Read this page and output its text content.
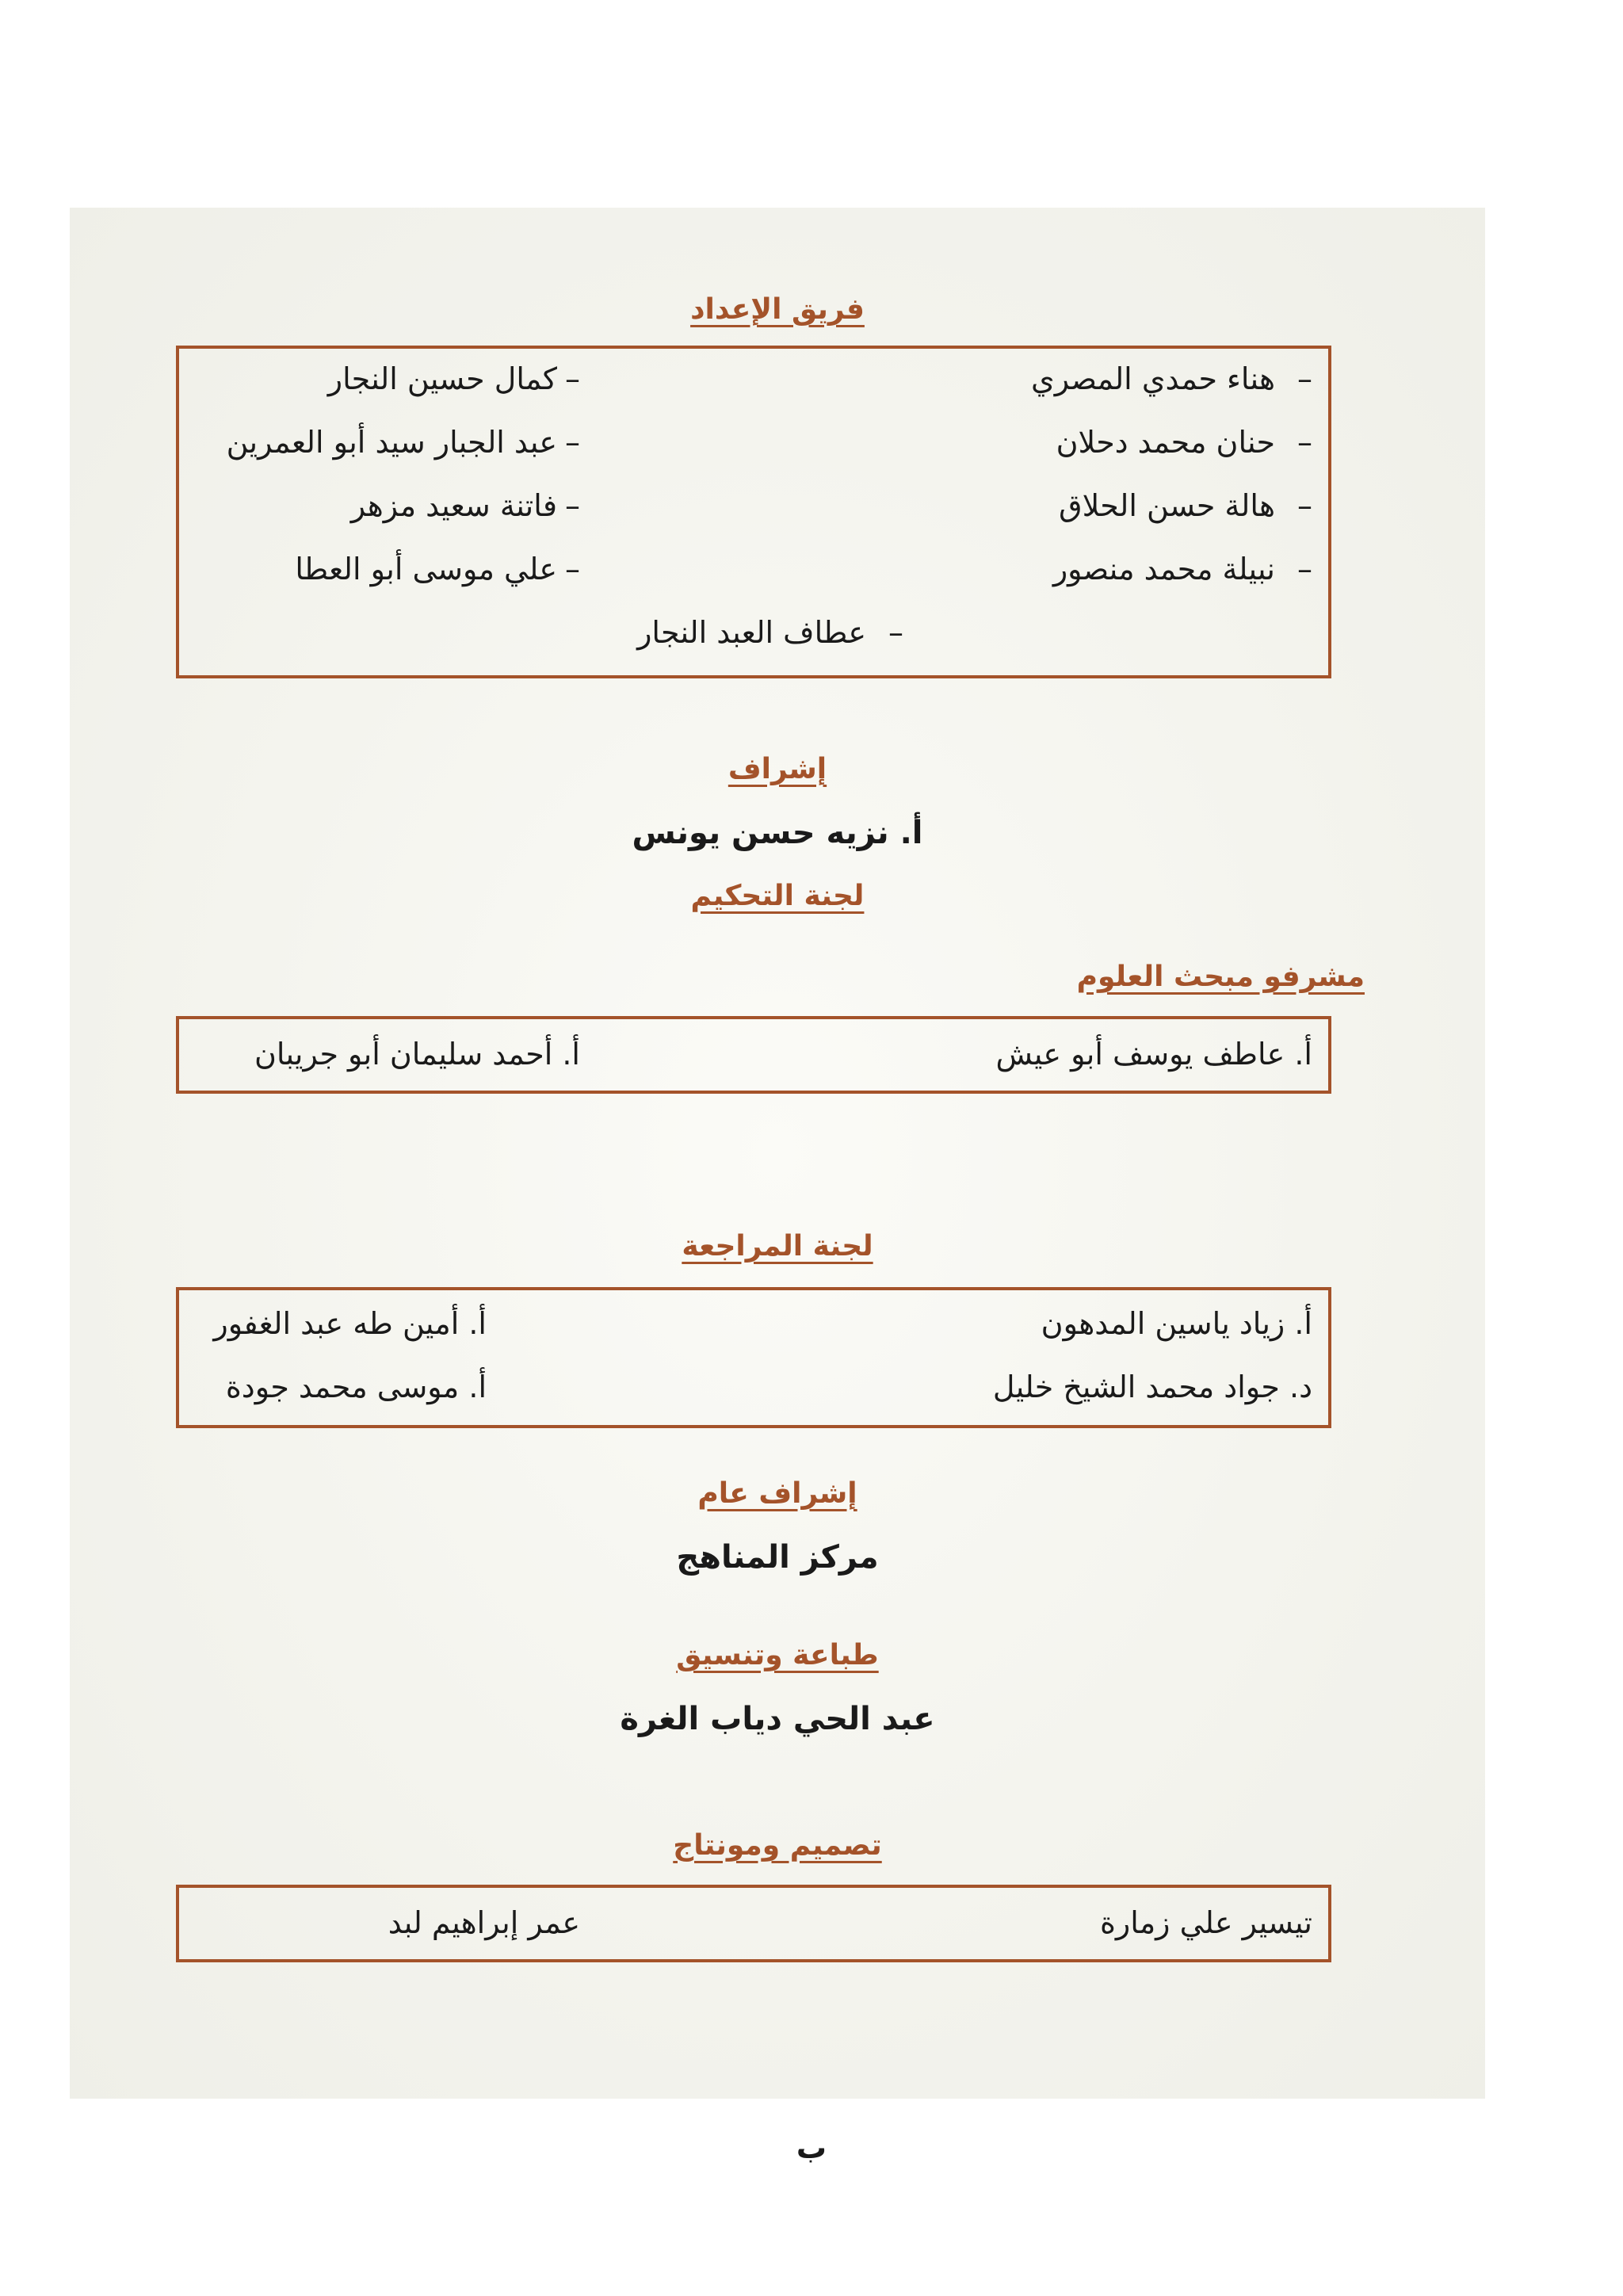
فريق الإعداد
–هناء حمدي المصري
–حنان محمد دحلان
–هالة حسن الحلاق
–نبيلة محمد منصور
–كمال حسين النجار
–عبد الجبار سيد أبو العمرين
–فاتنة سعيد مزهر
–علي موسى أبو العطا
–عطاف العبد النجار
إشراف
أ. نزيه حسن يونس
لجنة التحكيم
مشرفو مبحث العلوم
أ. عاطف يوسف أبو عيش
أ. أحمد سليمان أبو جريبان
لجنة المراجعة
أ. زياد ياسين المدهون
د. جواد محمد الشيخ خليل
أ. أمين طه عبد الغفور
أ. موسى محمد جودة
إشراف عام
مركز المناهج
طباعة وتنسيق
عبد الحي دياب الغرة
تصميم ومونتاج
تيسير علي زمارة
عمر إبراهيم لبد
ب
